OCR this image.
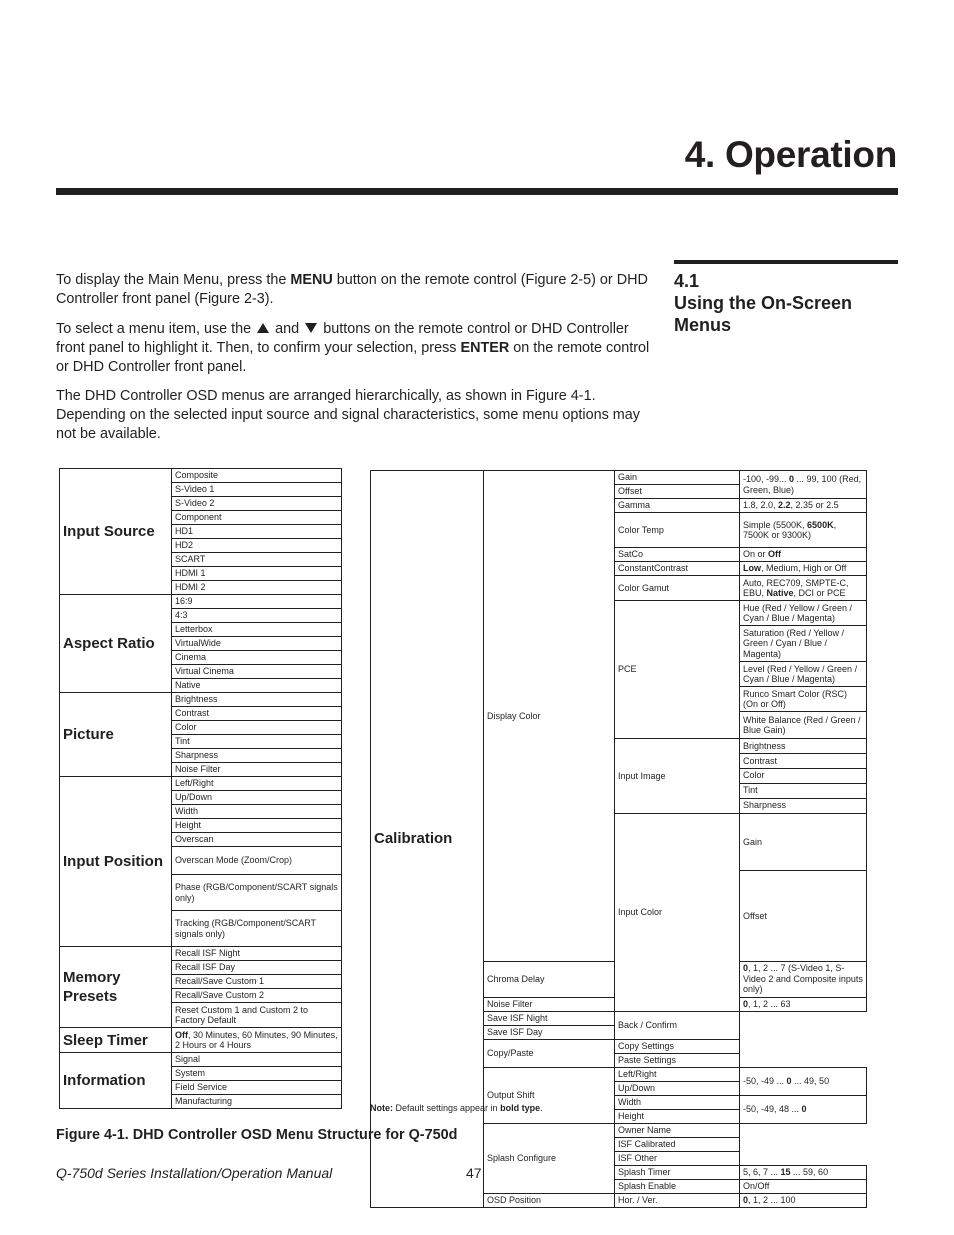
4. Operation
4.1
Using the On-Screen Menus

To display the Main Menu, press the MENU button on the remote control (Figure 2-5) or DHD Controller front panel (Figure 2-3).

To select a menu item, use the  and buttons on the remote control or DHD Controller front panel to highlight it. Then, to confirm your selection, press ENTER on the remote control or DHD Controller front panel.

The DHD Controller OSD menus are arranged hierarchically, as shown in Figure 4-1. Depending on the selected input source and signal characteristics, some menu options may not be available.

Input Source	Composite
	S-Video 1
	S-Video 2
	Component
	HD1
	HD2
	SCART
	HDMI 1
	HDMI 2
Aspect Ratio	16:9
	4:3
	Letterbox
	VirtualWide
	Cinema
	Virtual Cinema
	Native
Picture	Brightness
	Contrast
	Color
	Tint
	Sharpness
	Noise Filter
Input Position	Left/Right
	Up/Down
	Width
	Height
	Overscan
	Overscan Mode (Zoom/Crop)
	Phase (RGB/Component/SCART signals only)
	Tracking (RGB/Component/SCART signals only)
Memory Presets	Recall ISF Night
	Recall ISF Day
	Recall/Save Custom 1
	Recall/Save Custom 2
	Reset Custom 1 and Custom 2 to Factory Default
Sleep Timer	Off, 30 Minutes, 60 Minutes, 90 Minutes, 2 Hours or 4 Hours
Information	Signal
	System
	Field Service
	Manufacturing
Calibration	Display Color	Gain	-100, -99... 0 ... 99, 100 (Red, Green, Blue)	
		Offset		
		Gamma	1.8, 2.0, 2.2, 2.35 or 2.5	
		Color Temp	Simple (5500K, 6500K, 7500K or 9300K)	
		SatCo	On or Off	
		ConstantContrast	Low, Medium, High or Off	
		Color Gamut	Auto, REC709, SMPTE-C, EBU, Native, DCI or PCE	
		PCE	Hue (Red / Yellow / Green / Cyan / Blue / Magenta)	
			Saturation (Red / Yellow / Green / Cyan / Blue / Magenta)	
			Level (Red / Yellow / Green / Cyan / Blue / Magenta)	
			Runco Smart Color (RSC) (On or Off)	
			White Balance (Red / Green / Blue Gain)	
		Input Image	Brightness	
			Contrast	
			Color	
			Tint	
			Sharpness	
		Input Color	Gain	
			Offset	
	Chroma Delay		0, 1, 2 ... 7 (S-Video 1, S-Video 2 and Composite inputs only)	
	Noise Filter		0, 1, 2 ... 63	
	Save ISF Night	Back / Confirm		
	Save ISF Day			
	Copy/Paste	Copy Settings		
		Paste Settings		
	Output Shift	Left/Right	-50, -49 ... 0 ... 49, 50	
		Up/Down		
		Width	-50, -49, 48 ... 0	
		Height		
	Splash Configure	Owner Name		
		ISF Calibrated		
		ISF Other		
		Splash Timer	5, 6, 7 ... 15 ... 59, 60	
		Splash Enable	On/Off	
	OSD Position	Hor. / Ver.	0, 1, 2 ... 100	
Note: Default settings appear in bold type.
Figure 4-1. DHD Controller OSD Menu Structure for Q-750d
Q-750d Series Installation/Operation Manual	47
